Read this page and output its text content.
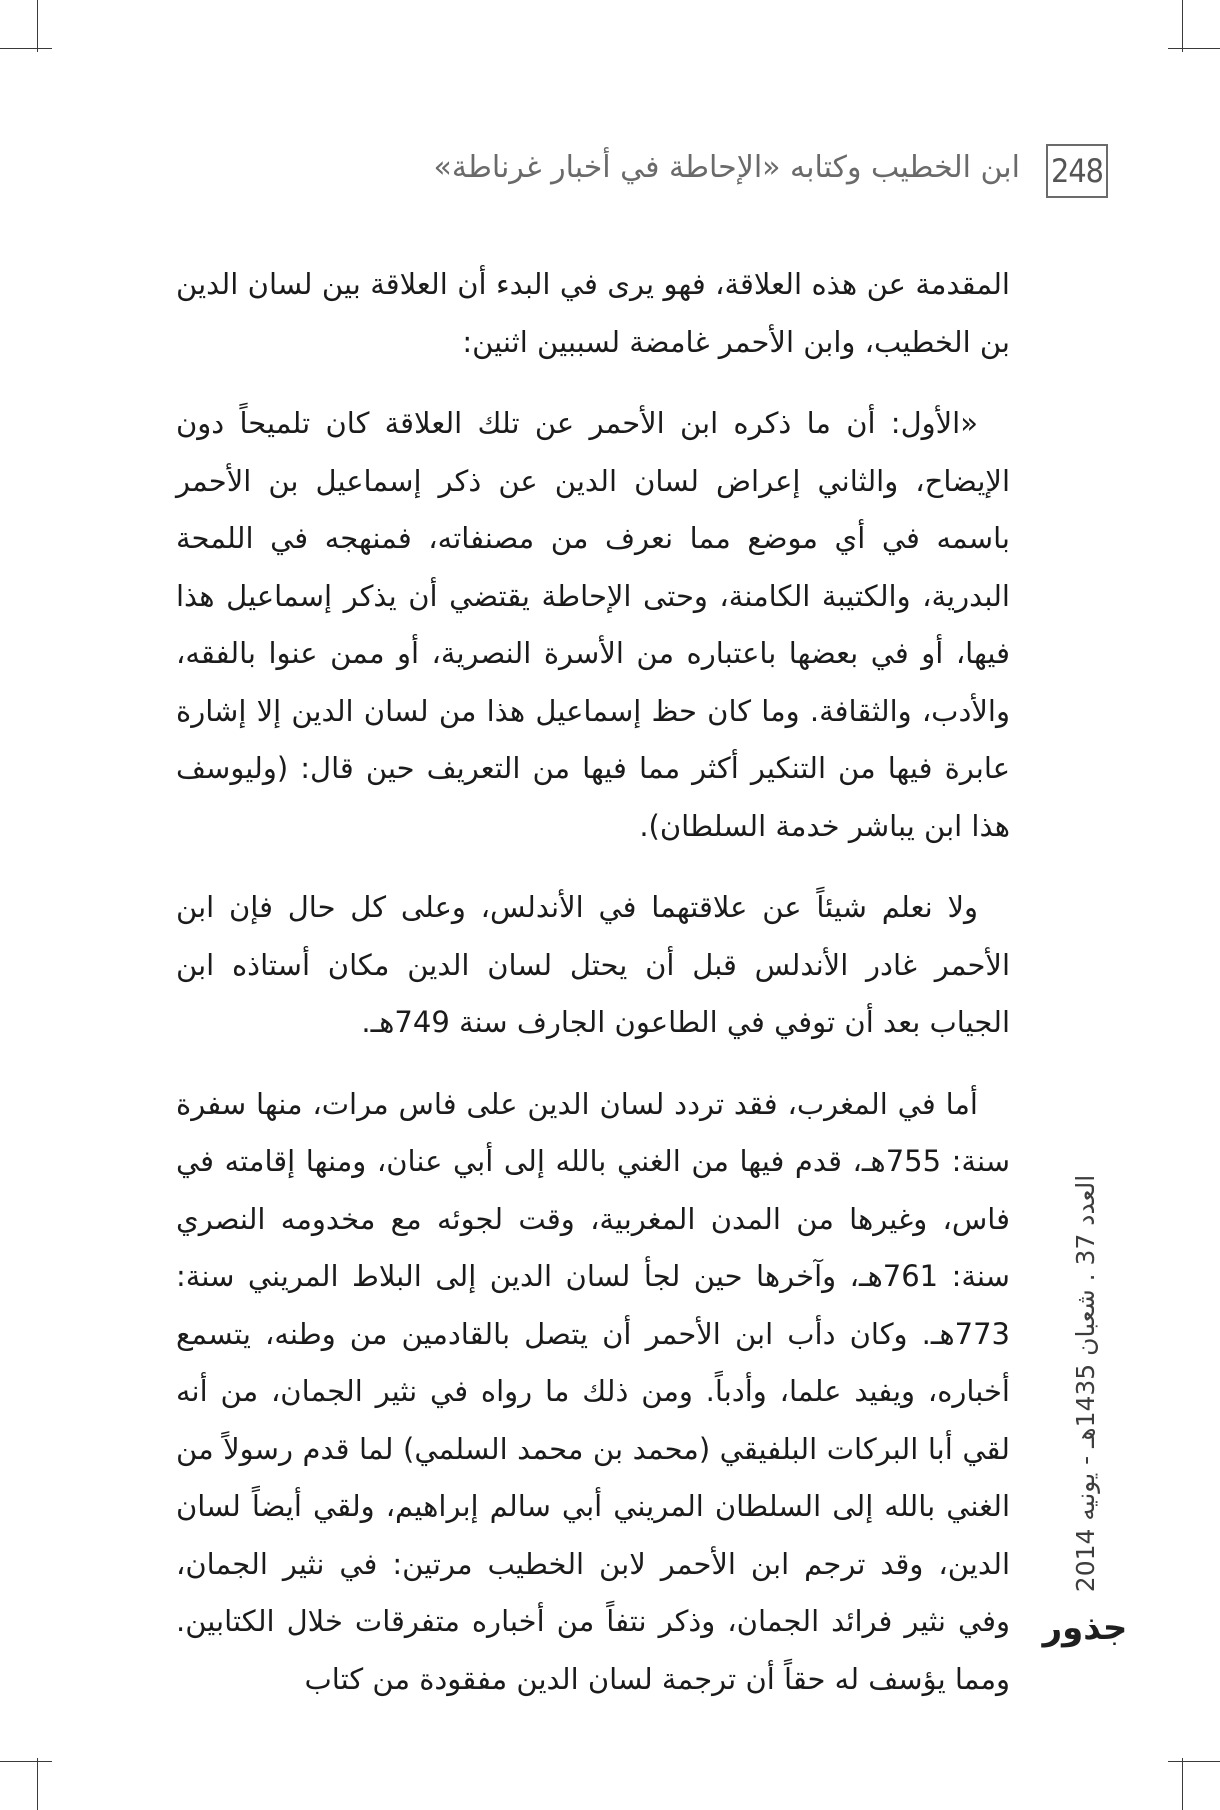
248
ابن الخطيب وكتابه «الإحاطة في أخبار غرناطة»

المقدمة عن هذه العلاقة، فهو يرى في البدء أن العلاقة بين لسان الدين بن الخطيب، وابن الأحمر غامضة لسببين اثنين:

«الأول: أن ما ذكره ابن الأحمر عن تلك العلاقة كان تلميحاً دون الإيضاح، والثاني إعراض لسان الدين عن ذكر إسماعيل بن الأحمر باسمه في أي موضع مما نعرف من مصنفاته، فمنهجه في اللمحة البدرية، والكتيبة الكامنة، وحتى الإحاطة يقتضي أن يذكر إسماعيل هذا فيها، أو في بعضها باعتباره من الأسرة النصرية، أو ممن عنوا بالفقه، والأدب، والثقافة. وما كان حظ إسماعيل هذا من لسان الدين إلا إشارة عابرة فيها من التنكير أكثر مما فيها من التعريف حين قال: (وليوسف هذا ابن يباشر خدمة السلطان).

ولا نعلم شيئاً عن علاقتهما في الأندلس، وعلى كل حال فإن ابن الأحمر غادر الأندلس قبل أن يحتل لسان الدين مكان أستاذه ابن الجياب بعد أن توفي في الطاعون الجارف سنة 749هـ.

أما في المغرب، فقد تردد لسان الدين على فاس مرات، منها سفرة سنة: 755هـ، قدم فيها من الغني بالله إلى أبي عنان، ومنها إقامته في فاس، وغيرها من المدن المغربية، وقت لجوئه مع مخدومه النصري سنة: 761هـ، وآخرها حين لجأ لسان الدين إلى البلاط المريني سنة: 773هـ. وكان دأب ابن الأحمر أن يتصل بالقادمين من وطنه، يتسمع أخباره، ويفيد علما، وأدباً. ومن ذلك ما رواه في نثير الجمان، من أنه لقي أبا البركات البلفيقي (محمد بن محمد السلمي) لما قدم رسولاً من الغني بالله إلى السلطان المريني أبي سالم إبراهيم، ولقي أيضاً لسان الدين، وقد ترجم ابن الأحمر لابن الخطيب مرتين: في نثير الجمان، وفي نثير فرائد الجمان، وذكر نتفاً من أخباره متفرقات خلال الكتابين. ومما يؤسف له حقاً أن ترجمة لسان الدين مفقودة من كتاب

العدد 37 . شعبان 1435هـ - يونيه 2014
جذور
